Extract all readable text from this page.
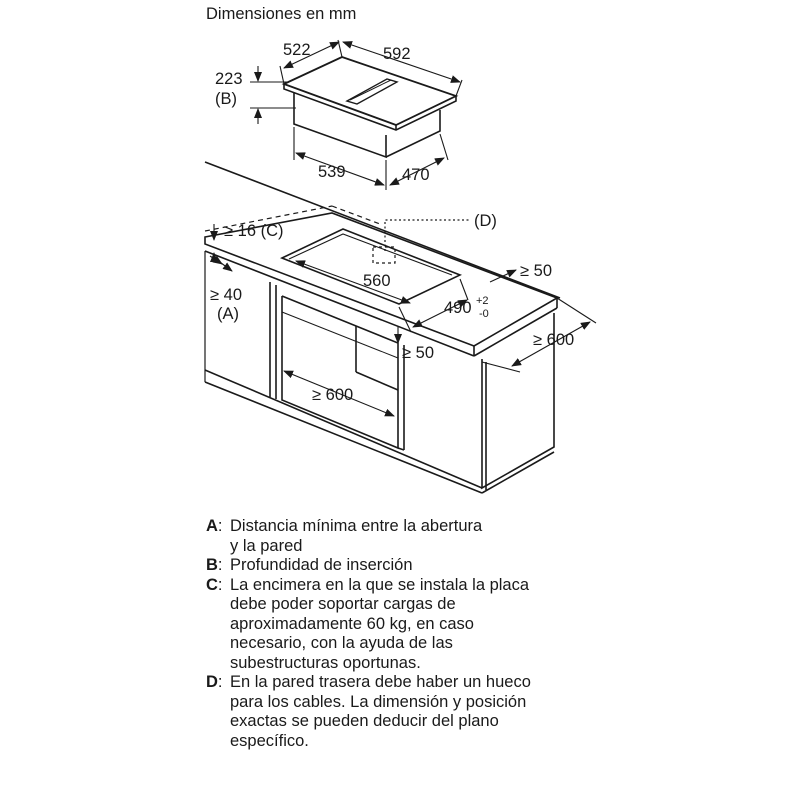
Dimensiones en mm
522	592
223
(B)
539	470
≥ 16 (C)
(D)
560
≥ 50
490 +2
-0
≥ 40
(A)
≥ 600
≥ 50
≥ 600
A: Distancia mínima entre la abertura
y la pared
B: Profundidad de inserción
C: La encimera en la que se instala la placa
debe poder soportar cargas de
aproximadamente 60 kg, en caso
necesario, con la ayuda de las
subestructuras oportunas.
D: En la pared trasera debe haber un hueco
para los cables. La dimensión y posición
exactas se pueden deducir del plano
específico.
